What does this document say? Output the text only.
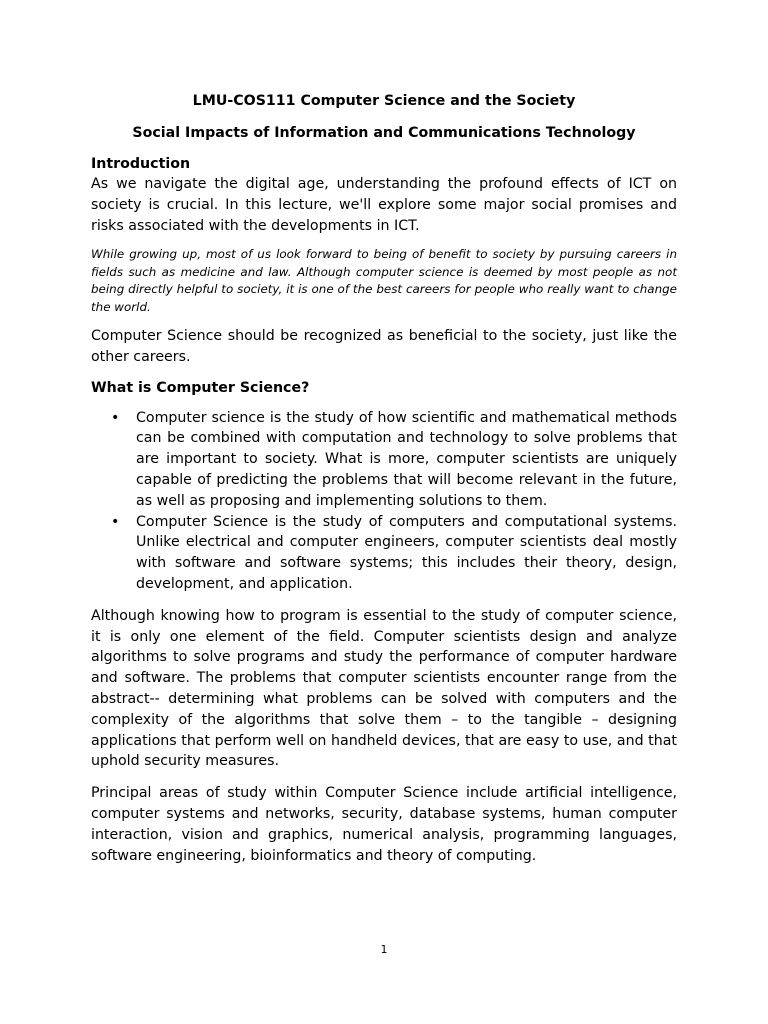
LMU-COS111 Computer Science and the Society

Social Impacts of Information and Communications Technology

Introduction

As we navigate the digital age, understanding the profound effects of ICT on society is crucial. In this lecture, we'll explore some major social promises and risks associated with the developments in ICT.

While growing up, most of us look forward to being of benefit to society by pursuing careers in fields such as medicine and law. Although computer science is deemed by most people as not being directly helpful to society, it is one of the best careers for people who really want to change the world.

Computer Science should be recognized as beneficial to the society, just like the other careers.

What is Computer Science?

• Computer science is the study of how scientific and mathematical methods can be combined with computation and technology to solve problems that are important to society. What is more, computer scientists are uniquely capable of predicting the problems that will become relevant in the future, as well as proposing and implementing solutions to them.
• Computer Science is the study of computers and computational systems. Unlike electrical and computer engineers, computer scientists deal mostly with software and software systems; this includes their theory, design, development, and application.

Although knowing how to program is essential to the study of computer science, it is only one element of the field. Computer scientists design and analyze algorithms to solve programs and study the performance of computer hardware and software. The problems that computer scientists encounter range from the abstract-- determining what problems can be solved with computers and the complexity of the algorithms that solve them – to the tangible – designing applications that perform well on handheld devices, that are easy to use, and that uphold security measures.

Principal areas of study within Computer Science include artificial intelligence, computer systems and networks, security, database systems, human computer interaction, vision and graphics, numerical analysis, programming languages, software engineering, bioinformatics and theory of computing.

1
